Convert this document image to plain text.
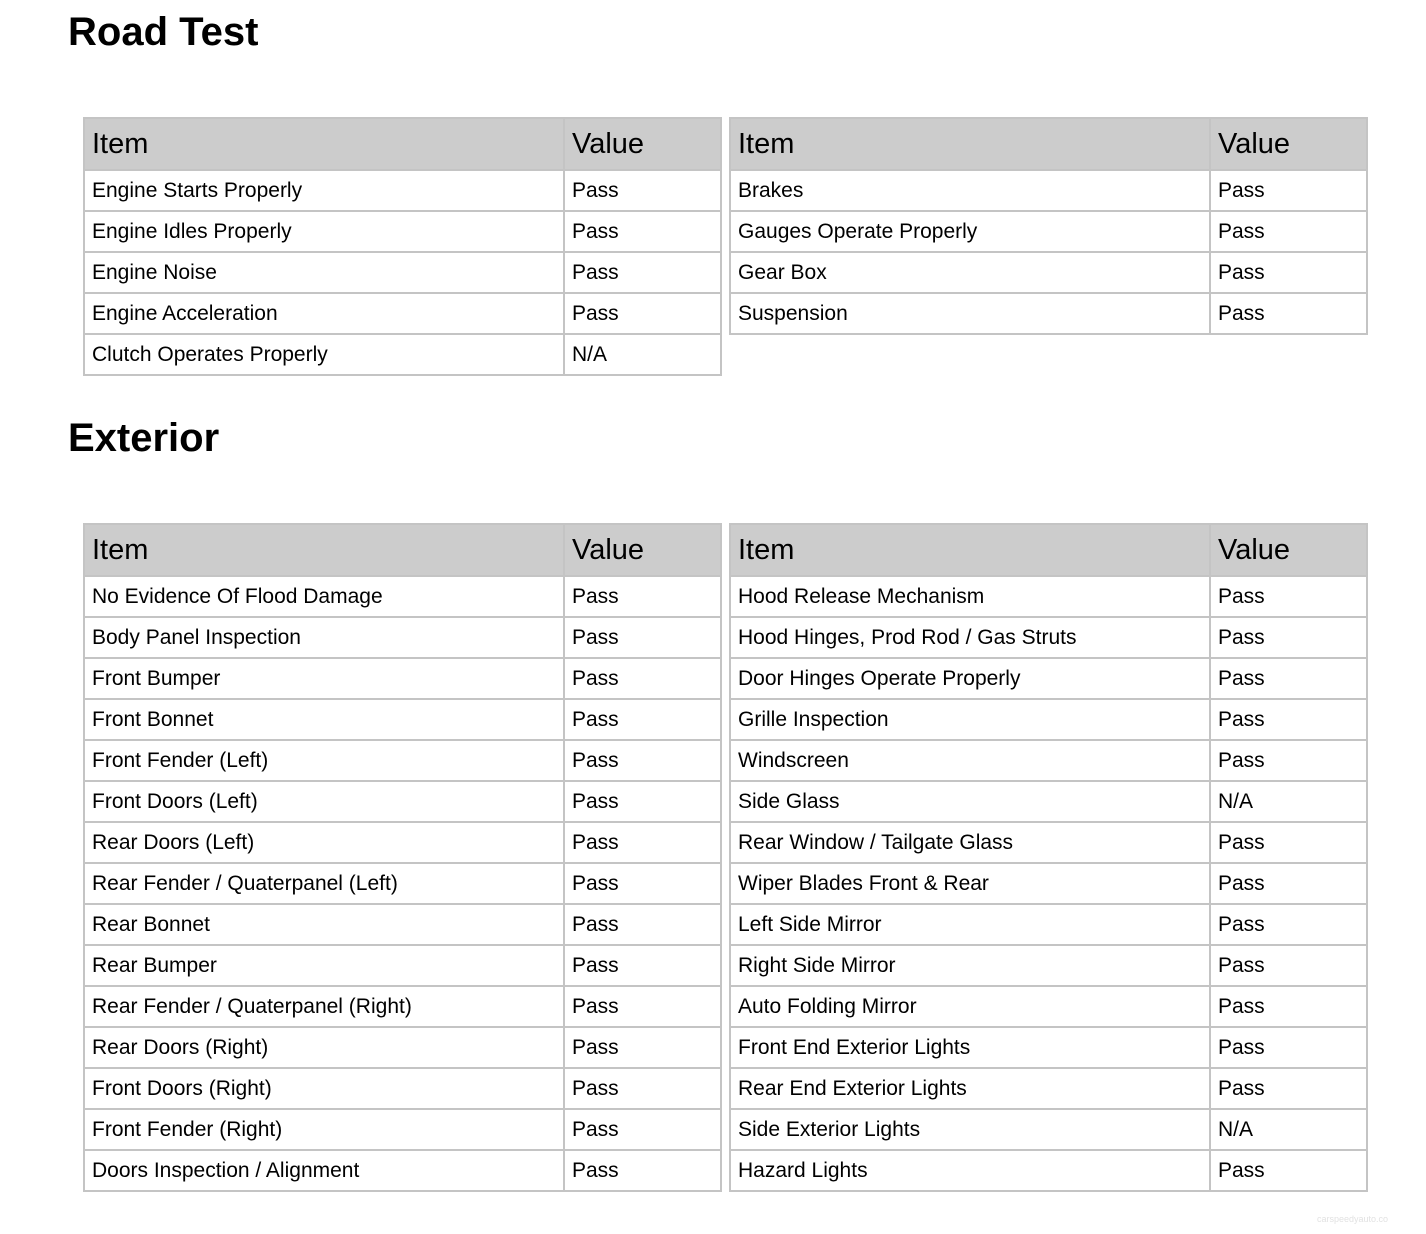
Road Test
Item	Value
Engine Starts Properly	Pass
Engine Idles Properly	Pass
Engine Noise	Pass
Engine Acceleration	Pass
Clutch Operates Properly	N/A
Item	Value
Brakes	Pass
Gauges Operate Properly	Pass
Gear Box	Pass
Suspension	Pass
Exterior
Item	Value
No Evidence Of Flood Damage	Pass
Body Panel Inspection	Pass
Front Bumper	Pass
Front Bonnet	Pass
Front Fender (Left)	Pass
Front Doors (Left)	Pass
Rear Doors (Left)	Pass
Rear Fender / Quaterpanel (Left)	Pass
Rear Bonnet	Pass
Rear Bumper	Pass
Rear Fender / Quaterpanel (Right)	Pass
Rear Doors (Right)	Pass
Front Doors (Right)	Pass
Front Fender (Right)	Pass
Doors Inspection / Alignment	Pass
Item	Value
Hood Release Mechanism	Pass
Hood Hinges, Prod Rod / Gas Struts	Pass
Door Hinges Operate Properly	Pass
Grille Inspection	Pass
Windscreen	Pass
Side Glass	N/A
Rear Window / Tailgate Glass	Pass
Wiper Blades Front & Rear	Pass
Left Side Mirror	Pass
Right Side Mirror	Pass
Auto Folding Mirror	Pass
Front End Exterior Lights	Pass
Rear End Exterior Lights	Pass
Side Exterior Lights	N/A
Hazard Lights	Pass
carspeedyauto.co
